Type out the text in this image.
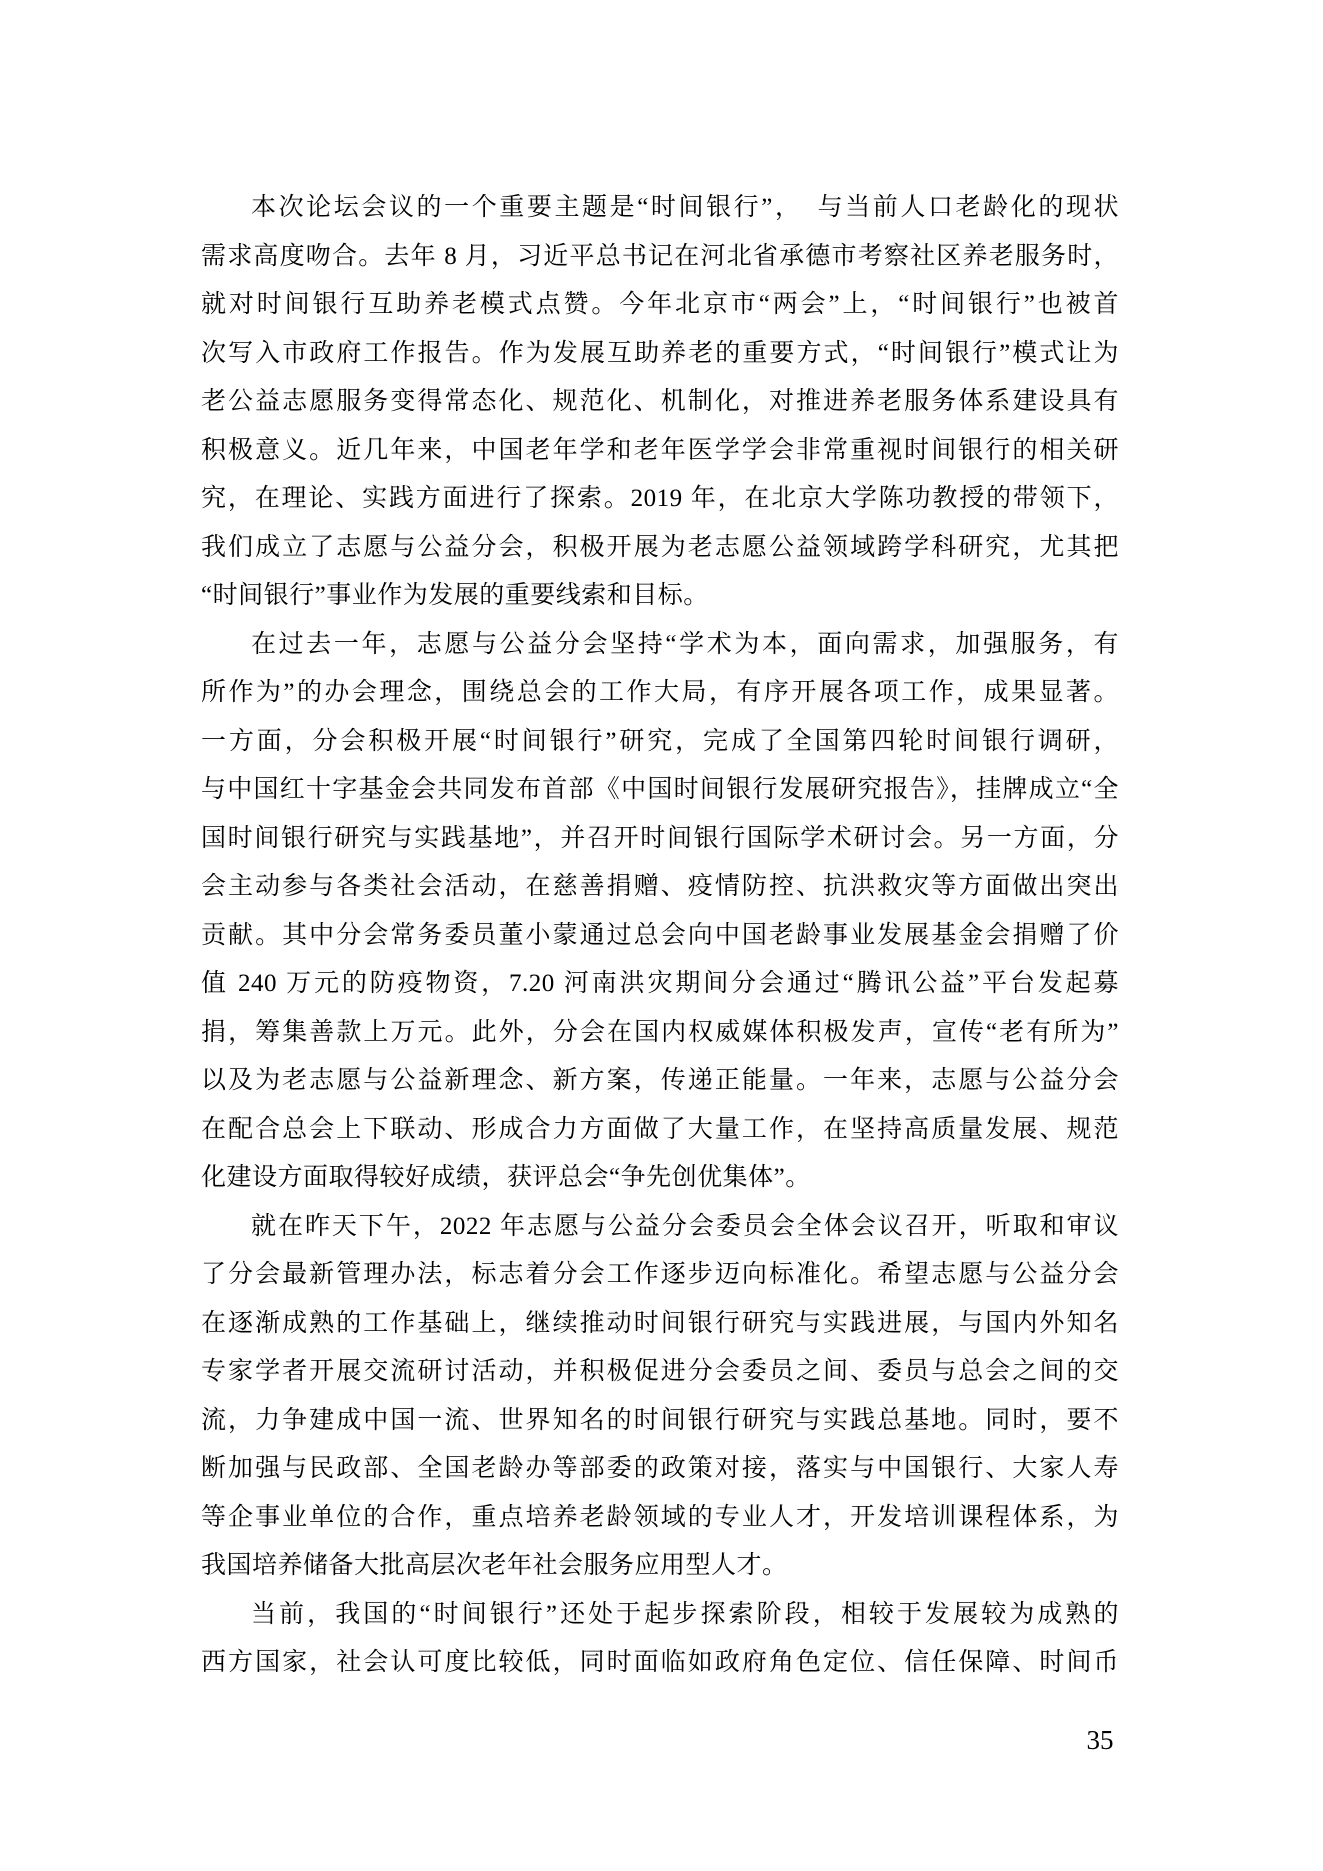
本次论坛会议的一个重要主题是“时间银行”，　与当前人口老龄化的现状
需求高度吻合。去年 8 月，习近平总书记在河北省承德市考察社区养老服务时，
就对时间银行互助养老模式点赞。今年北京市“两会”上，“时间银行”也被首
次写入市政府工作报告。作为发展互助养老的重要方式，“时间银行”模式让为
老公益志愿服务变得常态化、规范化、机制化，对推进养老服务体系建设具有
积极意义。近几年来，中国老年学和老年医学学会非常重视时间银行的相关研
究，在理论、实践方面进行了探索。2019 年，在北京大学陈功教授的带领下，
我们成立了志愿与公益分会，积极开展为老志愿公益领域跨学科研究，尤其把
“时间银行”事业作为发展的重要线索和目标。
在过去一年，志愿与公益分会坚持“学术为本，面向需求，加强服务，有
所作为”的办会理念，围绕总会的工作大局，有序开展各项工作，成果显著。
一方面，分会积极开展“时间银行”研究，完成了全国第四轮时间银行调研，
与中国红十字基金会共同发布首部《中国时间银行发展研究报告》，挂牌成立“全
国时间银行研究与实践基地”，并召开时间银行国际学术研讨会。另一方面，分
会主动参与各类社会活动，在慈善捐赠、疫情防控、抗洪救灾等方面做出突出
贡献。其中分会常务委员董小蒙通过总会向中国老龄事业发展基金会捐赠了价
值 240 万元的防疫物资，7.20 河南洪灾期间分会通过“腾讯公益”平台发起募
捐，筹集善款上万元。此外，分会在国内权威媒体积极发声，宣传“老有所为”
以及为老志愿与公益新理念、新方案，传递正能量。一年来，志愿与公益分会
在配合总会上下联动、形成合力方面做了大量工作，在坚持高质量发展、规范
化建设方面取得较好成绩，获评总会“争先创优集体”。
就在昨天下午，2022 年志愿与公益分会委员会全体会议召开，听取和审议
了分会最新管理办法，标志着分会工作逐步迈向标准化。希望志愿与公益分会
在逐渐成熟的工作基础上，继续推动时间银行研究与实践进展，与国内外知名
专家学者开展交流研讨活动，并积极促进分会委员之间、委员与总会之间的交
流，力争建成中国一流、世界知名的时间银行研究与实践总基地。同时，要不
断加强与民政部、全国老龄办等部委的政策对接，落实与中国银行、大家人寿
等企事业单位的合作，重点培养老龄领域的专业人才，开发培训课程体系，为
我国培养储备大批高层次老年社会服务应用型人才。
当前，我国的“时间银行”还处于起步探索阶段，相较于发展较为成熟的
西方国家，社会认可度比较低，同时面临如政府角色定位、信任保障、时间币
35
